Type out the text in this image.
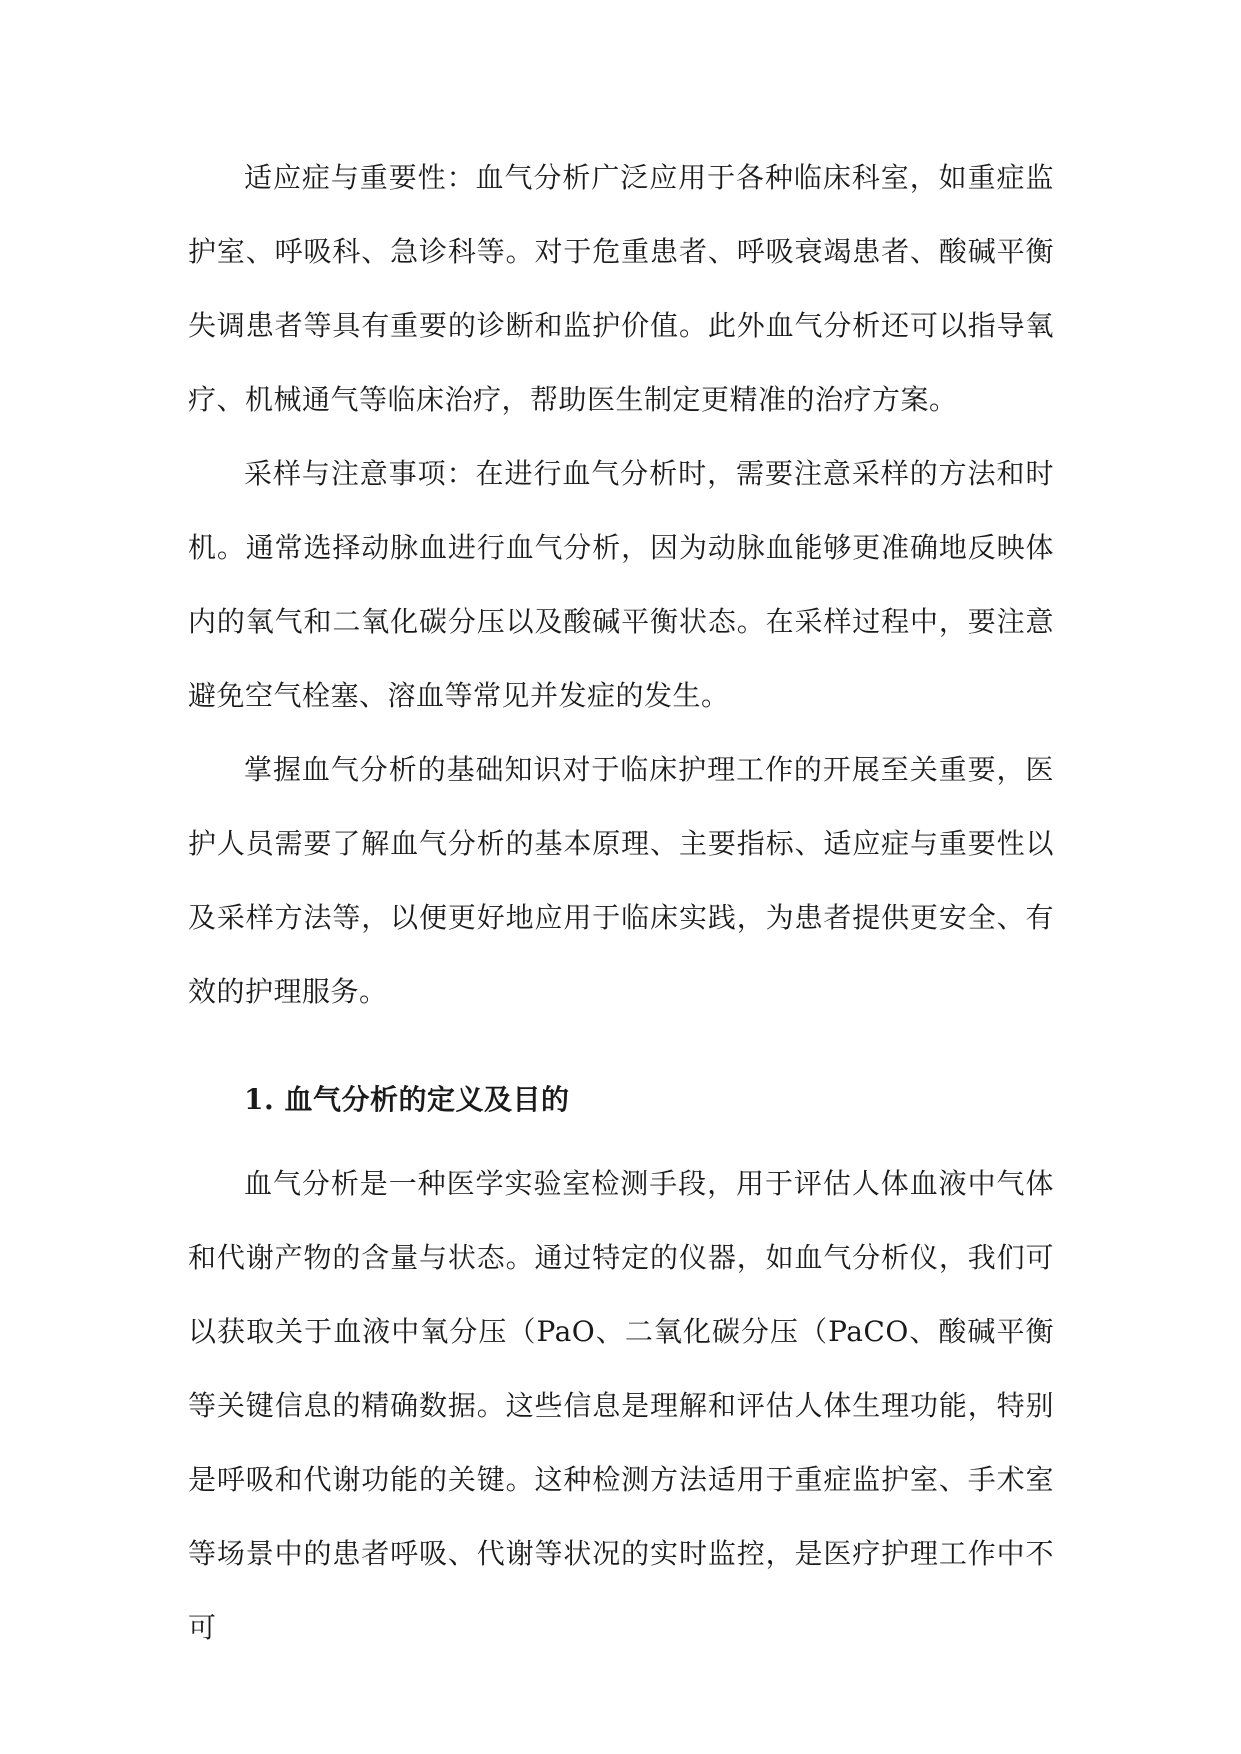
适应症与重要性：血气分析广泛应用于各种临床科室，如重症监护室、呼吸科、急诊科等。对于危重患者、呼吸衰竭患者、酸碱平衡失调患者等具有重要的诊断和监护价值。此外血气分析还可以指导氧疗、机械通气等临床治疗，帮助医生制定更精准的治疗方案。

采样与注意事项：在进行血气分析时，需要注意采样的方法和时机。通常选择动脉血进行血气分析，因为动脉血能够更准确地反映体内的氧气和二氧化碳分压以及酸碱平衡状态。在采样过程中，要注意避免空气栓塞、溶血等常见并发症的发生。

掌握血气分析的基础知识对于临床护理工作的开展至关重要，医护人员需要了解血气分析的基本原理、主要指标、适应症与重要性以及采样方法等，以便更好地应用于临床实践，为患者提供更安全、有效的护理服务。

1. 血气分析的定义及目的

血气分析是一种医学实验室检测手段，用于评估人体血液中气体和代谢产物的含量与状态。通过特定的仪器，如血气分析仪，我们可以获取关于血液中氧分压（PaO、二氧化碳分压（PaCO、酸碱平衡等关键信息的精确数据。这些信息是理解和评估人体生理功能，特别是呼吸和代谢功能的关键。这种检测方法适用于重症监护室、手术室等场景中的患者呼吸、代谢等状况的实时监控，是医疗护理工作中不可
